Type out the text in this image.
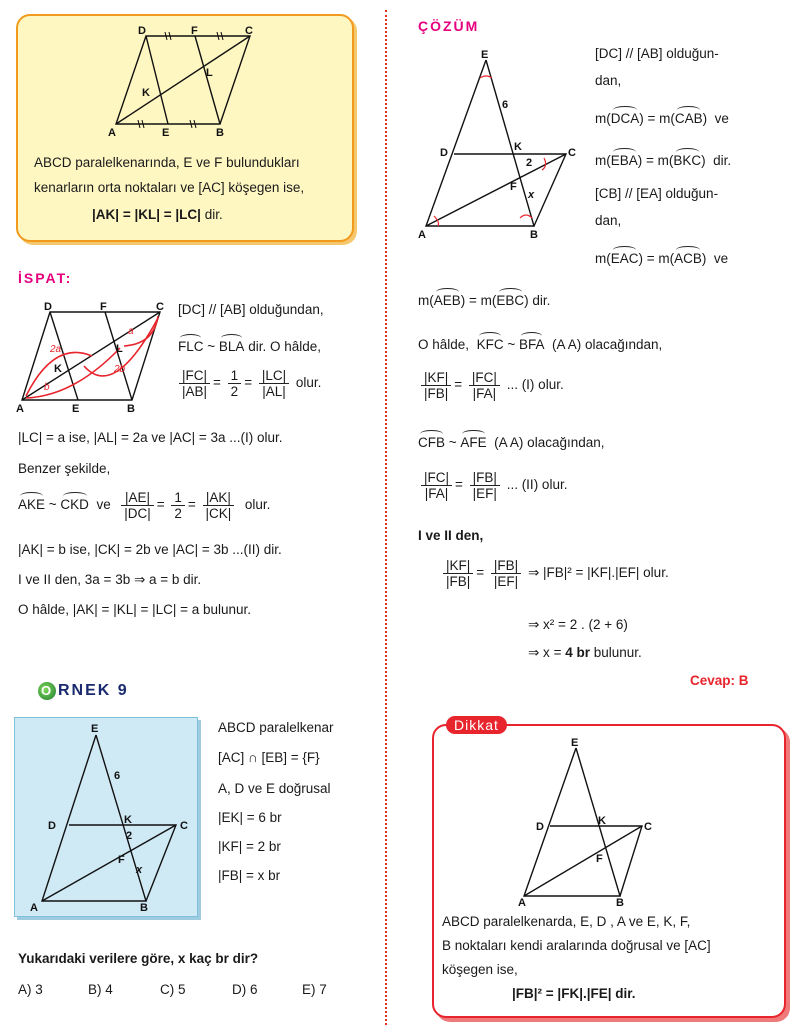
D	F	C
A	E	B
K
L
ABCD paralelkenarında, E ve F bulundukları
kenarların orta noktaları ve [AC] köşegen ise,
|AK| = |KL| = |LC| dir.
İSPAT:
D	F	C
A	E	B
K
L
a
2a
b
2b
[DC] // [AB] olduğundan,
FLC ~ BLA dir. O hâlde,
$\frac{|FC|}{|AB|} = \frac{1}{2} = \frac{|LC|}{|AL|}$ olur.
|LC| = a ise, |AL| = 2a ve |AC| = 3a ...(I) olur.
Benzer şekilde,
AKE ~ CKD ve $\frac{|AE|}{|DC|} = \frac{1}{2} = \frac{|AK|}{|CK|}$ olur.
|AK| = b ise, |CK| = 2b ve |AC| = 3b ...(II) dir.
I ve II den, 3a = 3b ⇒ a = b dir.
O hâlde, |AK| = |KL| = |LC| = a bulunur.
O RNEK 9
E
D	C
K
F
A	B
6
2
x
ABCD paralelkenar
[AC] ∩ [EB] = {F}
A, D ve E doğrusal
|EK| = 6 br
|KF| = 2 br
|FB| = x br
Yukarıdaki verilere göre, x kaç br dir?
A) 3	B) 4	C) 5	D) 6	E) 7
ÇÖZÜM
E
D	C
K
F
A	B
6
2
x
[DC] // [AB] olduğun-
dan,
m(DCA) = m(CAB)  ve
m(EBA) = m(BKC)  dir.
[CB] // [EA] olduğun-
dan,
m(EAC) = m(ACB)  ve
m(AEB) = m(EBC) dir.
O hâlde, KFC ~ BFA (A A) olacağından,
$\frac{|KF|}{|FB|} = \frac{|FC|}{|FA|}$ ... (I) olur.
CFB ~ AFE (A A) olacağından,
$\frac{|FC|}{|FA|} = \frac{|FB|}{|EF|}$ ... (II) olur.
I ve II den,
$\frac{|KF|}{|FB|} = \frac{|FB|}{|EF|}$ ⇒ |FB|² = |KF|.|EF| olur.
⇒ x² = 2 . (2 + 6)
⇒ x = 4 br bulunur.
Cevap: B
Dikkat
E
D	C
K
F
A	B
ABCD paralelkenarda, E, D , A ve E, K, F,
B noktaları kendi aralarında doğrusal ve [AC]
köşegen ise,
|FB|² = |FK|.|FE| dir.
